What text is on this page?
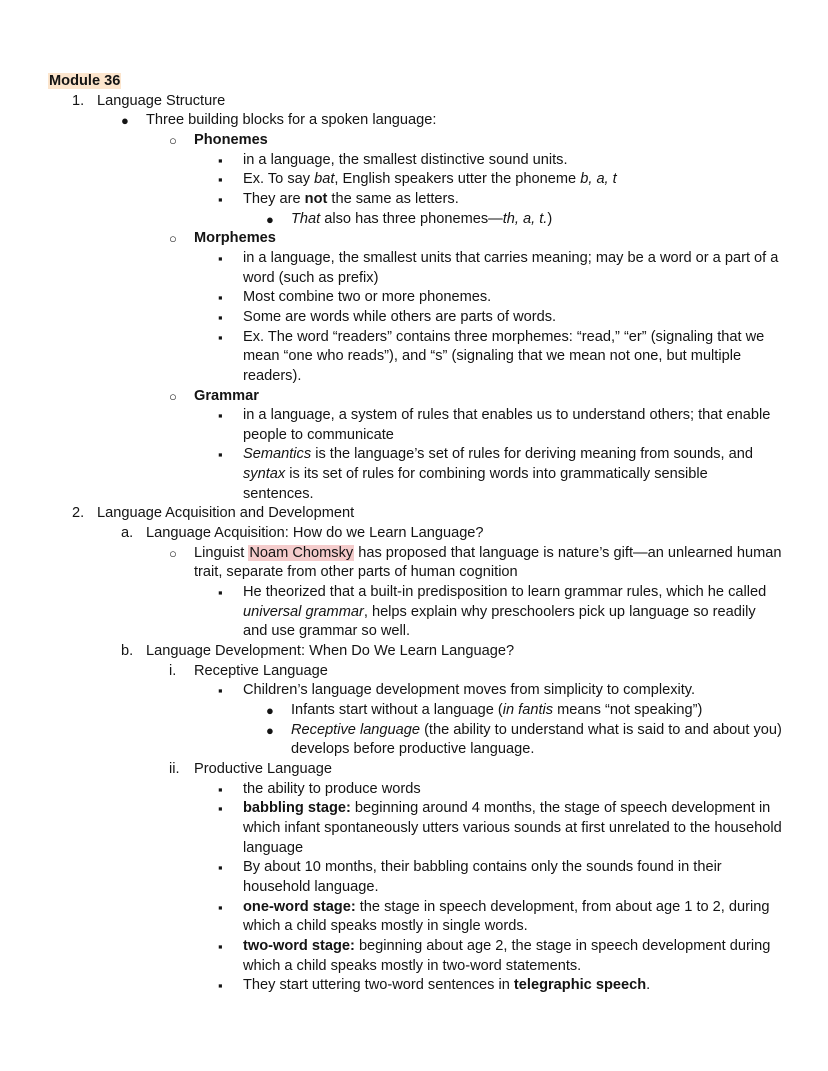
Module 36
1. Language Structure
●	Three building blocks for a spoken language:
○	Phonemes
▪	in a language, the smallest distinctive sound units.
▪	Ex. To say bat, English speakers utter the phoneme b, a, t
▪	They are not the same as letters.
●	That also has three phonemes—th, a, t.)
○	Morphemes
▪	in a language, the smallest units that carries meaning; may be a word or a part of a word (such as prefix)
▪	Most combine two or more phonemes.
▪	Some are words while others are parts of words.
▪	Ex. The word “readers” contains three morphemes: “read,” “er” (signaling that we mean “one who reads”), and “s” (signaling that we mean not one, but multiple readers).
○	Grammar
▪	in a language, a system of rules that enables us to understand others; that enable people to communicate
▪	Semantics is the language’s set of rules for deriving meaning from sounds, and syntax is its set of rules for combining words into grammatically sensible sentences.
2. Language Acquisition and Development
a. Language Acquisition: How do we Learn Language?
○	Linguist Noam Chomsky has proposed that language is nature’s gift—an unlearned human trait, separate from other parts of human cognition
▪	He theorized that a built-in predisposition to learn grammar rules, which he called universal grammar, helps explain why preschoolers pick up language so readily and use grammar so well.
b. Language Development: When Do We Learn Language?
i.	Receptive Language
▪	Children’s language development moves from simplicity to complexity.
●	Infants start without a language (in fantis means “not speaking”)
●	Receptive language (the ability to understand what is said to and about you) develops before productive language.
ii. Productive Language
▪	the ability to produce words
▪	babbling stage: beginning around 4 months, the stage of speech development in which infant spontaneously utters various sounds at first unrelated to the household language
▪	By about 10 months, their babbling contains only the sounds found in their household language.
▪	one-word stage: the stage in speech development, from about age 1 to 2, during which a child speaks mostly in single words.
▪	two-word stage: beginning about age 2, the stage in speech development during which a child speaks mostly in two-word statements.
▪	They start uttering two-word sentences in telegraphic speech.
